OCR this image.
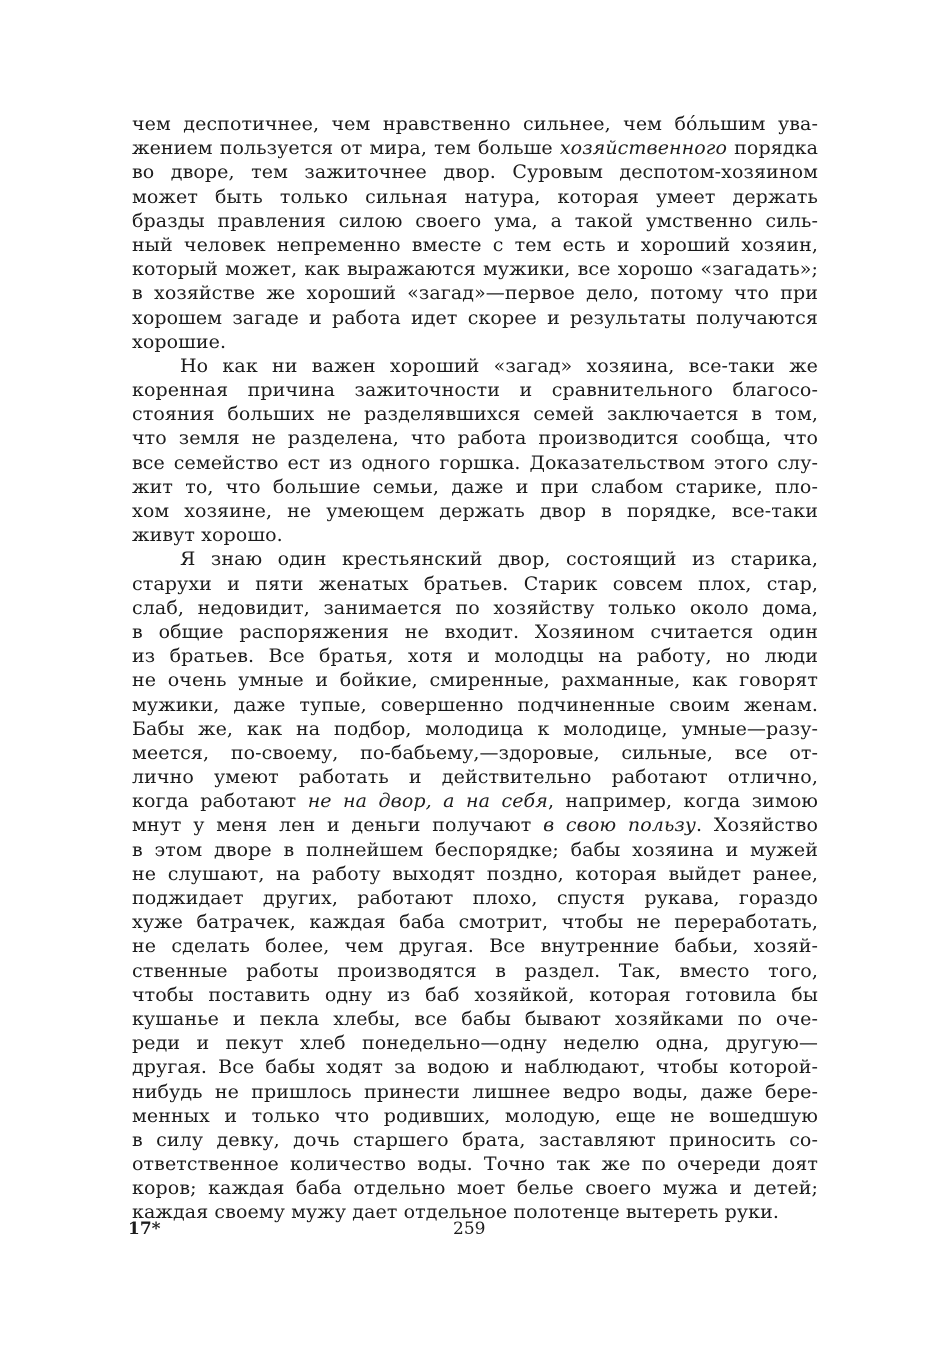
чем деспотичнее, чем нравственно сильнее, чем бо́льшим ува-
жением пользуется от мира, тем больше хозяйственного порядка
во дворе, тем зажиточнее двор. Суровым деспотом-хозяином
может быть только сильная натура, которая умеет держать
бразды правления силою своего ума, а такой умственно силь-
ный человек непременно вместе с тем есть и хороший хозяин,
который может, как выражаются мужики, все хорошо «загадать»;
в хозяйстве же хороший «загад»—первое дело, потому что при
хорошем загаде и работа идет скорее и результаты получаются
хорошие.
Но как ни важен хороший «загад» хозяина, все-таки же
коренная причина зажиточности и сравнительного благосо-
стояния больших не разделявшихся семей заключается в том,
что земля не разделена, что работа производится сообща, что
все семейство ест из одного горшка. Доказательством этого слу-
жит то, что большие семьи, даже и при слабом старике, пло-
хом хозяине, не умеющем держать двор в порядке, все-таки
живут хорошо.
Я знаю один крестьянский двор, состоящий из старика,
старухи и пяти женатых братьев. Старик совсем плох, стар,
слаб, недовидит, занимается по хозяйству только около дома,
в общие распоряжения не входит. Хозяином считается один
из братьев. Все братья, хотя и молодцы на работу, но люди
не очень умные и бойкие, смиренные, рахманные, как говорят
мужики, даже тупые, совершенно подчиненные своим женам.
Бабы же, как на подбор, молодица к молодице, умные—разу-
меется, по-своему, по-бабьему,—здоровые, сильные, все от-
лично умеют работать и действительно работают отлично,
когда работают не на двор, а на себя, например, когда зимою
мнут у меня лен и деньги получают в свою пользу. Хозяйство
в этом дворе в полнейшем беспорядке; бабы хозяина и мужей
не слушают, на работу выходят поздно, которая выйдет ранее,
поджидает других, работают плохо, спустя рукава, гораздо
хуже батрачек, каждая баба смотрит, чтобы не переработать,
не сделать более, чем другая. Все внутренние бабьи, хозяй-
ственные работы производятся в раздел. Так, вместо того,
чтобы поставить одну из баб хозяйкой, которая готовила бы
кушанье и пекла хлебы, все бабы бывают хозяйками по оче-
реди и пекут хлеб понедельно—одну неделю одна, другую—
другая. Все бабы ходят за водою и наблюдают, чтобы которой-
нибудь не пришлось принести лишнее ведро воды, даже бере-
менных и только что родивших, молодую, еще не вошедшую
в силу девку, дочь старшего брата, заставляют приносить со-
ответственное количество воды. Точно так же по очереди доят
коров; каждая баба отдельно моет белье своего мужа и детей;
каждая своему мужу дает отдельное полотенце вытереть руки.
17*	259
